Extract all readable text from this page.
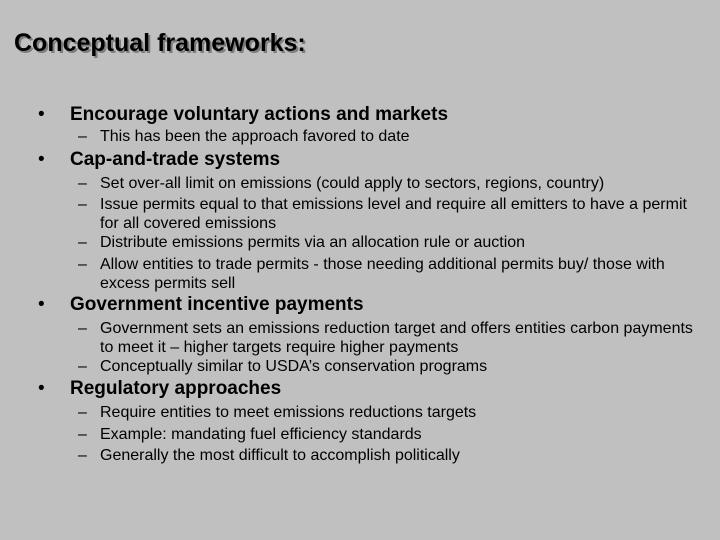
Conceptual frameworks:
• Encourage voluntary actions and markets
– This has been the approach favored to date
• Cap-and-trade systems
– Set over-all limit on emissions (could apply to sectors, regions, country)
– Issue permits equal to that emissions level and require all emitters to have a permit for all covered emissions
– Distribute emissions permits via an allocation rule or auction
– Allow entities to trade permits - those needing additional permits buy/ those with excess permits sell
• Government incentive payments
– Government sets an emissions reduction target and offers entities carbon payments to meet it – higher targets require higher payments
– Conceptually similar to USDA’s conservation programs
• Regulatory approaches
– Require entities to meet emissions reductions targets
– Example: mandating fuel efficiency standards
– Generally the most difficult to accomplish politically
